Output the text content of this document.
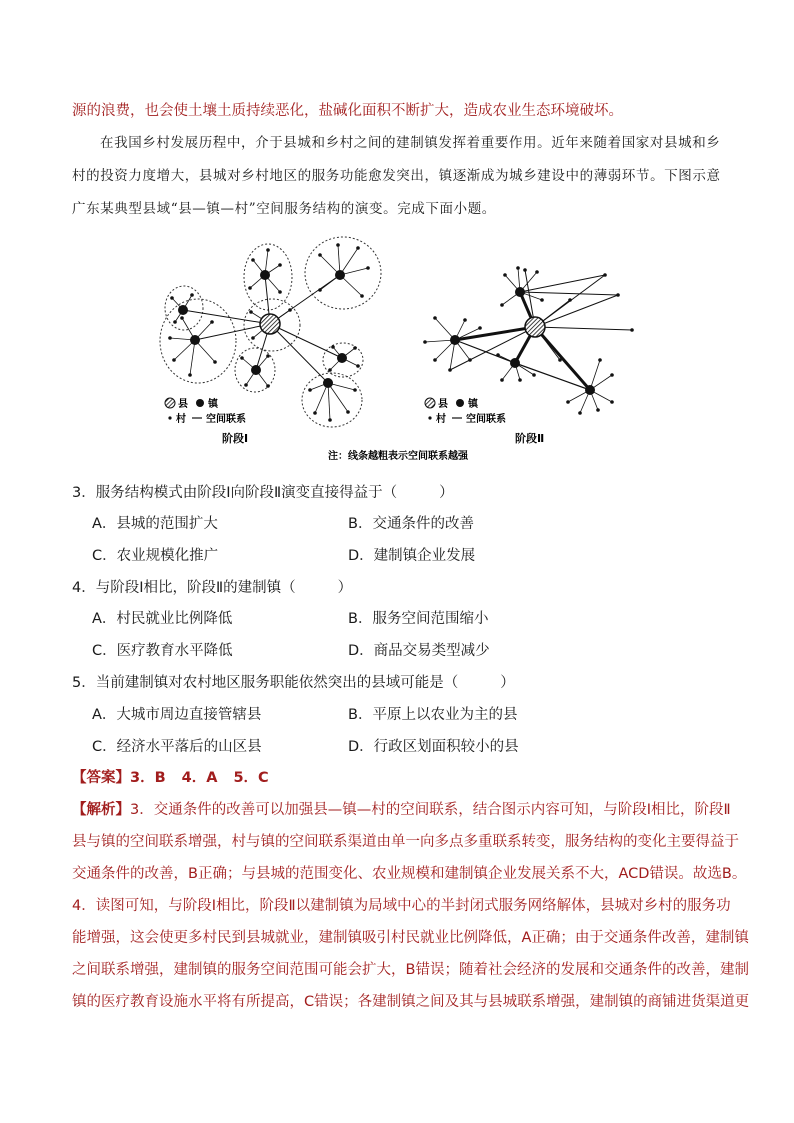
源的浪费，也会使土壤土质持续恶化，盐碱化面积不断扩大，造成农业生态环境破坏。
在我国乡村发展历程中，介于县城和乡村之间的建制镇发挥着重要作用。近年来随着国家对县城和乡
村的投资力度增大，县城对乡村地区的服务功能愈发突出，镇逐渐成为城乡建设中的薄弱环节。下图示意
广东某典型县域“县—镇—村”空间服务结构的演变。完成下面小题。
县 镇
村 空间联系
阶段Ⅰ
县 镇
村 空间联系
阶段Ⅱ
注：线条越粗表示空间联系越强
3．服务结构模式由阶段Ⅰ向阶段Ⅱ演变直接得益于（	）
A．县城的范围扩大	B．交通条件的改善
C．农业规模化推广	D．建制镇企业发展
4．与阶段Ⅰ相比，阶段Ⅱ的建制镇（	）
A．村民就业比例降低	B．服务空间范围缩小
C．医疗教育水平降低	D．商品交易类型减少
5．当前建制镇对农村地区服务职能依然突出的县域可能是（	）
A．大城市周边直接管辖县	B．平原上以农业为主的县
C．经济水平落后的山区县	D．行政区划面积较小的县
【答案】3．B 4．A 5．C
【解析】3．交通条件的改善可以加强县—镇—村的空间联系，结合图示内容可知，与阶段Ⅰ相比，阶段Ⅱ
县与镇的空间联系增强，村与镇的空间联系渠道由单一向多点多重联系转变，服务结构的变化主要得益于
交通条件的改善，B正确；与县城的范围变化、农业规模和建制镇企业发展关系不大，ACD错误。故选B。
4．读图可知，与阶段Ⅰ相比，阶段Ⅱ以建制镇为局域中心的半封闭式服务网络解体，县城对乡村的服务功
能增强，这会使更多村民到县城就业，建制镇吸引村民就业比例降低，A正确；由于交通条件改善，建制镇
之间联系增强，建制镇的服务空间范围可能会扩大，B错误；随着社会经济的发展和交通条件的改善，建制
镇的医疗教育设施水平将有所提高，C错误；各建制镇之间及其与县城联系增强，建制镇的商铺进货渠道更
